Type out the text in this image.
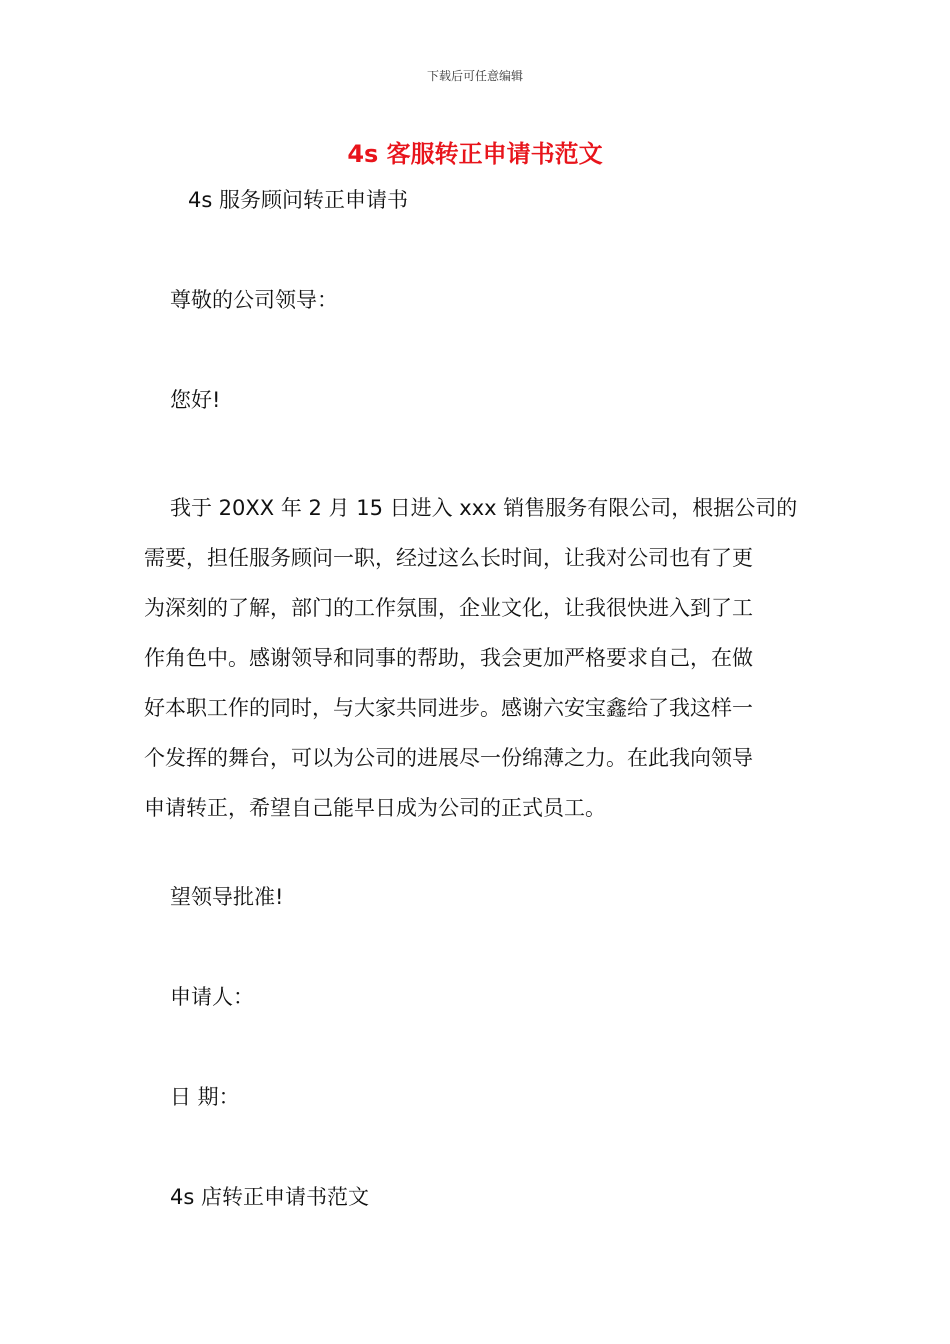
下载后可任意编辑
4s 客服转正申请书范文
4s 服务顾问转正申请书
尊敬的公司领导：
您好!
我于 20XX 年 2 月 15 日进入 xxx 销售服务有限公司，根据公司的
需要，担任服务顾问一职，经过这么长时间，让我对公司也有了更
为深刻的了解，部门的工作氛围，企业文化，让我很快进入到了工
作角色中。感谢领导和同事的帮助，我会更加严格要求自己，在做
好本职工作的同时，与大家共同进步。感谢六安宝鑫给了我这样一
个发挥的舞台，可以为公司的进展尽一份绵薄之力。在此我向领导
申请转正，希望自己能早日成为公司的正式员工。
望领导批准!
申请人：
日 期：
4s 店转正申请书范文
